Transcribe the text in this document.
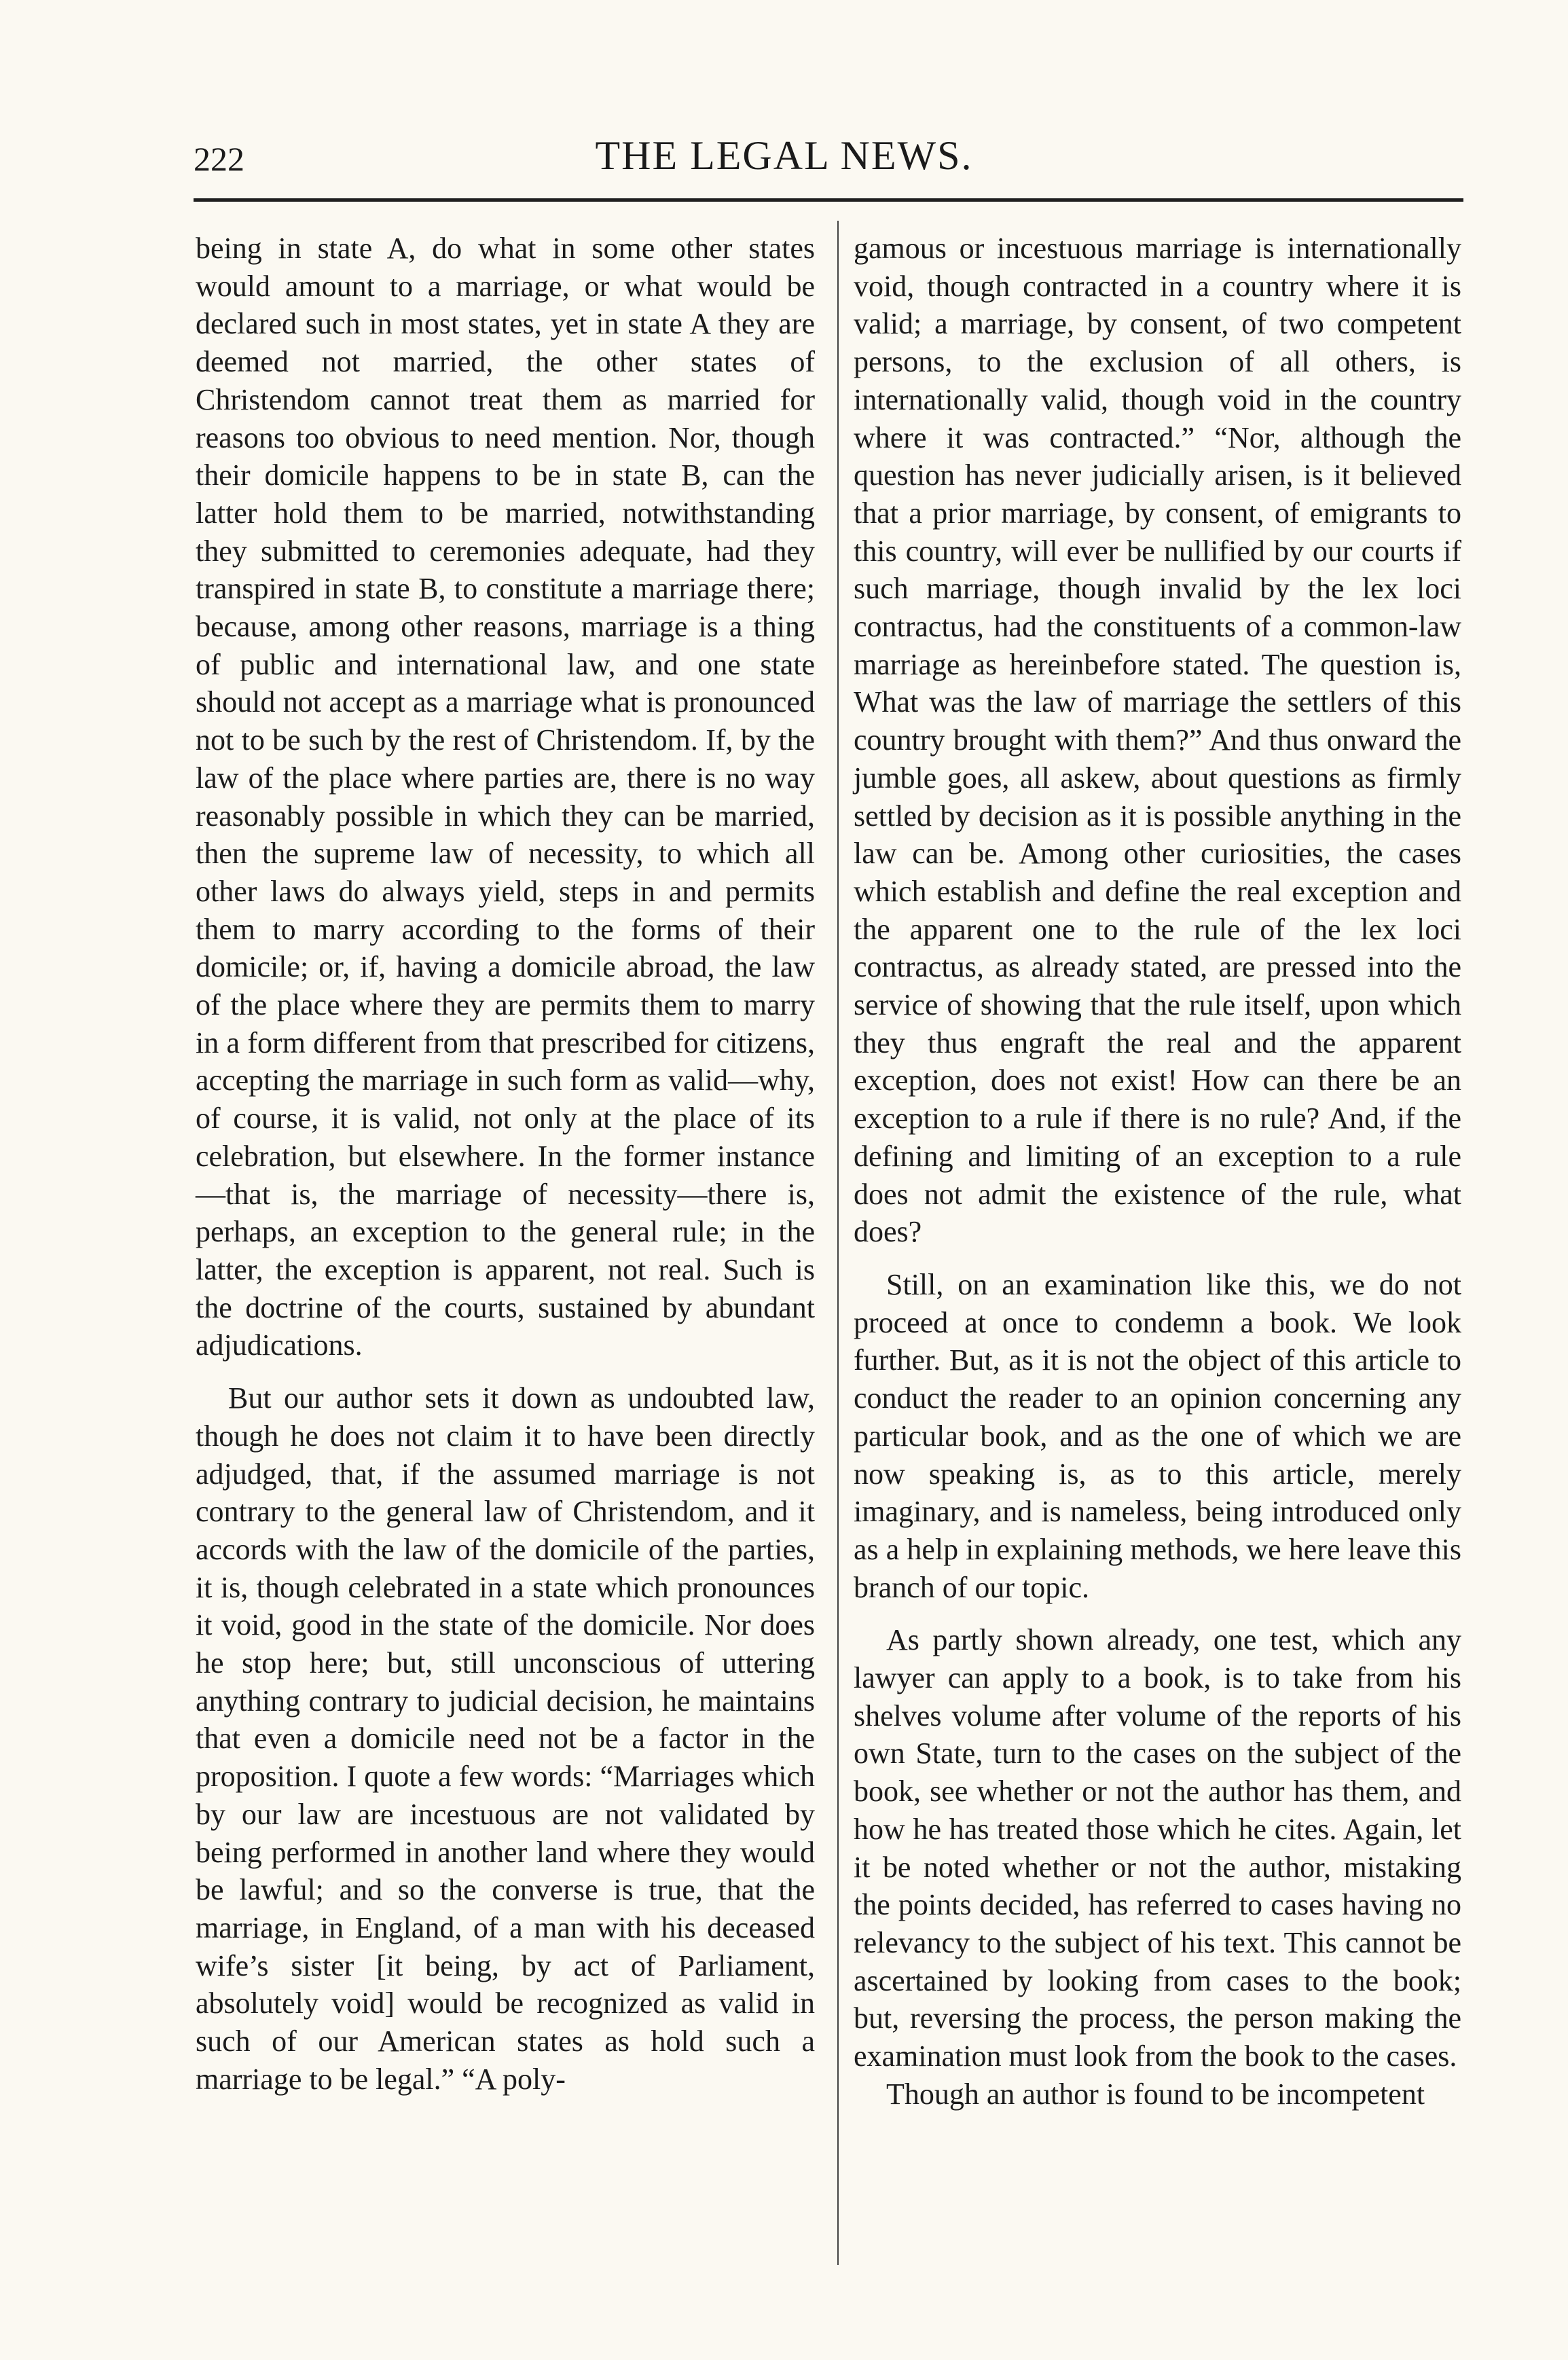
222	THE LEGAL NEWS.

being in state A, do what in some other states would amount to a marriage, or what would be declared such in most states, yet in state A they are deemed not married, the other states of Christendom cannot treat them as married for reasons too obvious to need mention. Nor, though their domicile happens to be in state B, can the latter hold them to be married, notwithstanding they submitted to ceremonies adequate, had they transpired in state B, to constitute a marriage there; because, among other reasons, marriage is a thing of public and international law, and one state should not accept as a marriage what is pronounced not to be such by the rest of Christendom. If, by the law of the place where parties are, there is no way reasonably possible in which they can be married, then the supreme law of necessity, to which all other laws do always yield, steps in and permits them to marry according to the forms of their domicile; or, if, having a domicile abroad, the law of the place where they are permits them to marry in a form different from that prescribed for citizens, accepting the marriage in such form as valid—why, of course, it is valid, not only at the place of its celebration, but elsewhere. In the former instance —that is, the marriage of necessity—there is, perhaps, an exception to the general rule; in the latter, the exception is apparent, not real. Such is the doctrine of the courts, sustained by abundant adjudications.

But our author sets it down as undoubted law, though he does not claim it to have been directly adjudged, that, if the assumed marriage is not contrary to the general law of Christendom, and it accords with the law of the domicile of the parties, it is, though celebrated in a state which pronounces it void, good in the state of the domicile. Nor does he stop here; but, still unconscious of uttering anything contrary to judicial decision, he maintains that even a domicile need not be a factor in the proposition. I quote a few words: “Marriages which by our law are incestuous are not validated by being performed in another land where they would be lawful; and so the converse is true, that the marriage, in England, of a man with his deceased wife’s sister [it being, by act of Parliament, absolutely void] would be recognized as valid in such of our American states as hold such a marriage to be legal.” “A poly-

gamous or incestuous marriage is internationally void, though contracted in a country where it is valid; a marriage, by consent, of two competent persons, to the exclusion of all others, is internationally valid, though void in the country where it was contracted.” “Nor, although the question has never judicially arisen, is it believed that a prior marriage, by consent, of emigrants to this country, will ever be nullified by our courts if such marriage, though invalid by the lex loci contractus, had the constituents of a common-law marriage as hereinbefore stated. The question is, What was the law of marriage the settlers of this country brought with them?” And thus onward the jumble goes, all askew, about questions as firmly settled by decision as it is possible anything in the law can be. Among other curiosities, the cases which establish and define the real exception and the apparent one to the rule of the lex loci contractus, as already stated, are pressed into the service of showing that the rule itself, upon which they thus engraft the real and the apparent exception, does not exist! How can there be an exception to a rule if there is no rule? And, if the defining and limiting of an exception to a rule does not admit the existence of the rule, what does?

Still, on an examination like this, we do not proceed at once to condemn a book. We look further. But, as it is not the object of this article to conduct the reader to an opinion concerning any particular book, and as the one of which we are now speaking is, as to this article, merely imaginary, and is nameless, being introduced only as a help in explaining methods, we here leave this branch of our topic.

As partly shown already, one test, which any lawyer can apply to a book, is to take from his shelves volume after volume of the reports of his own State, turn to the cases on the subject of the book, see whether or not the author has them, and how he has treated those which he cites. Again, let it be noted whether or not the author, mistaking the points decided, has referred to cases having no relevancy to the subject of his text. This cannot be ascertained by looking from cases to the book; but, reversing the process, the person making the examination must look from the book to the cases.

Though an author is found to be incompetent
